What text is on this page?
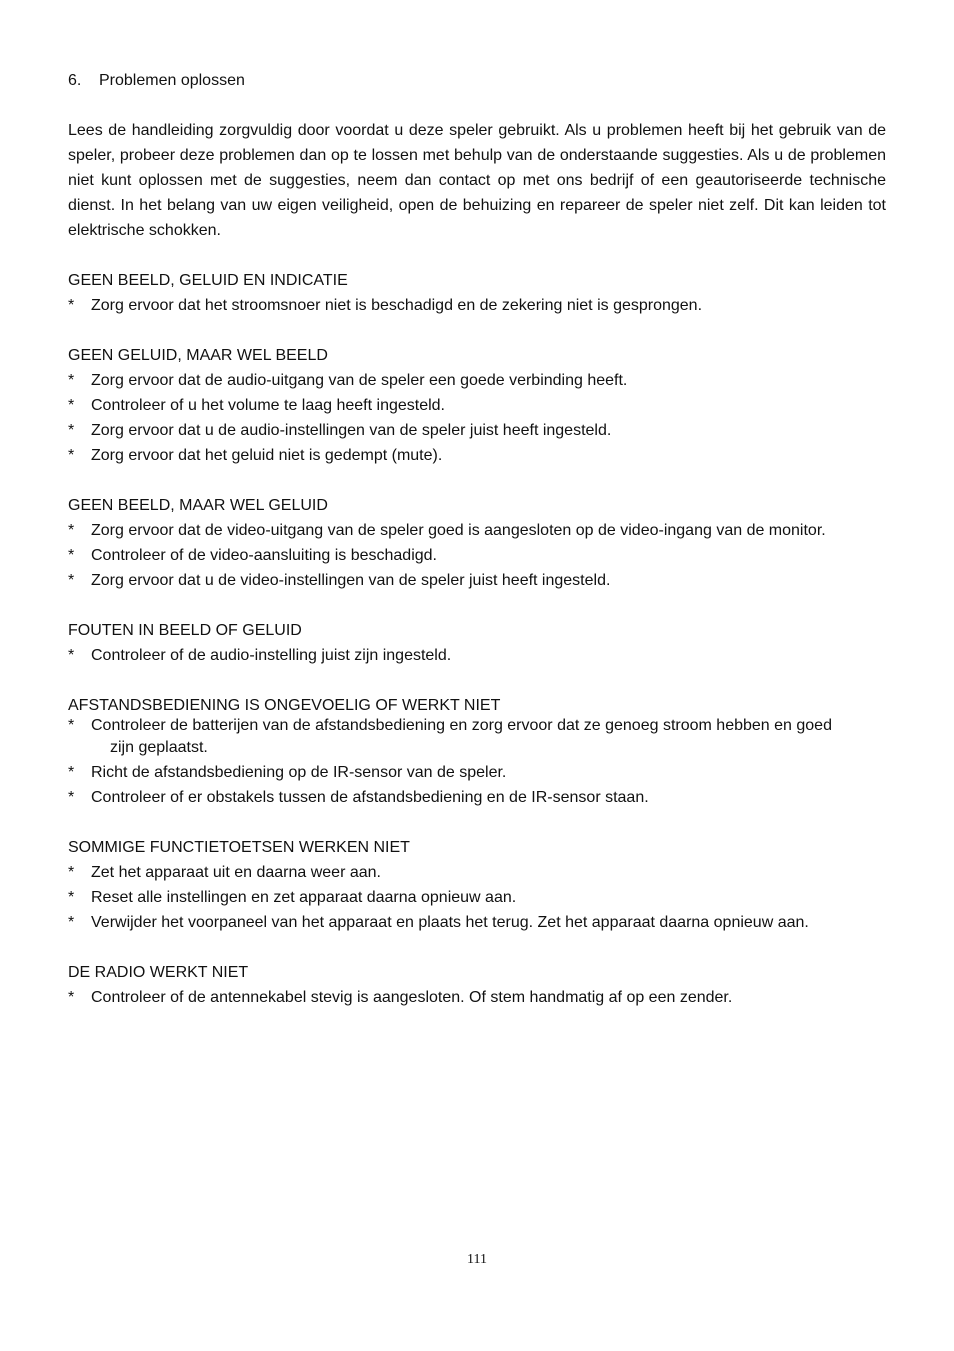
6.	Problemen oplossen

Lees de handleiding zorgvuldig door voordat u deze speler gebruikt. Als u problemen heeft bij het gebruik van de speler, probeer deze problemen dan op te lossen met behulp van de onderstaande suggesties. Als u de problemen niet kunt oplossen met de suggesties, neem dan contact op met ons bedrijf of een geautoriseerde technische dienst. In het belang van uw eigen veiligheid, open de behuizing en repareer de speler niet zelf. Dit kan leiden tot elektrische schokken.

GEEN BEELD, GELUID EN INDICATIE
*	Zorg ervoor dat het stroomsnoer niet is beschadigd en de zekering niet is gesprongen.
GEEN GELUID, MAAR WEL BEELD
*	Zorg ervoor dat de audio-uitgang van de speler een goede verbinding heeft.
*	Controleer of u het volume te laag heeft ingesteld.
*	Zorg ervoor dat u de audio-instellingen van de speler juist heeft ingesteld.
*	Zorg ervoor dat het geluid niet is gedempt (mute).
GEEN BEELD, MAAR WEL GELUID
*	Zorg ervoor dat de video-uitgang van de speler goed is aangesloten op de video-ingang van de monitor.
*	Controleer of de video-aansluiting is beschadigd.
*	Zorg ervoor dat u de video-instellingen van de speler juist heeft ingesteld.
FOUTEN IN BEELD OF GELUID
*	Controleer of de audio-instelling juist zijn ingesteld.
AFSTANDSBEDIENING IS ONGEVOELIG OF WERKT NIET
*	Controleer de batterijen van de afstandsbediening en zorg ervoor dat ze genoeg stroom hebben en goed
zijn geplaatst.
*	Richt de afstandsbediening op de IR-sensor van de speler.
*	Controleer of er obstakels tussen de afstandsbediening en de IR-sensor staan.
SOMMIGE FUNCTIETOETSEN WERKEN NIET
*	Zet het apparaat uit en daarna weer aan.
*	Reset alle instellingen en zet apparaat daarna opnieuw aan.
*	Verwijder het voorpaneel van het apparaat en plaats het terug. Zet het apparaat daarna opnieuw aan.
DE RADIO WERKT NIET
*	Controleer of de antennekabel stevig is aangesloten. Of stem handmatig af op een zender.
111
